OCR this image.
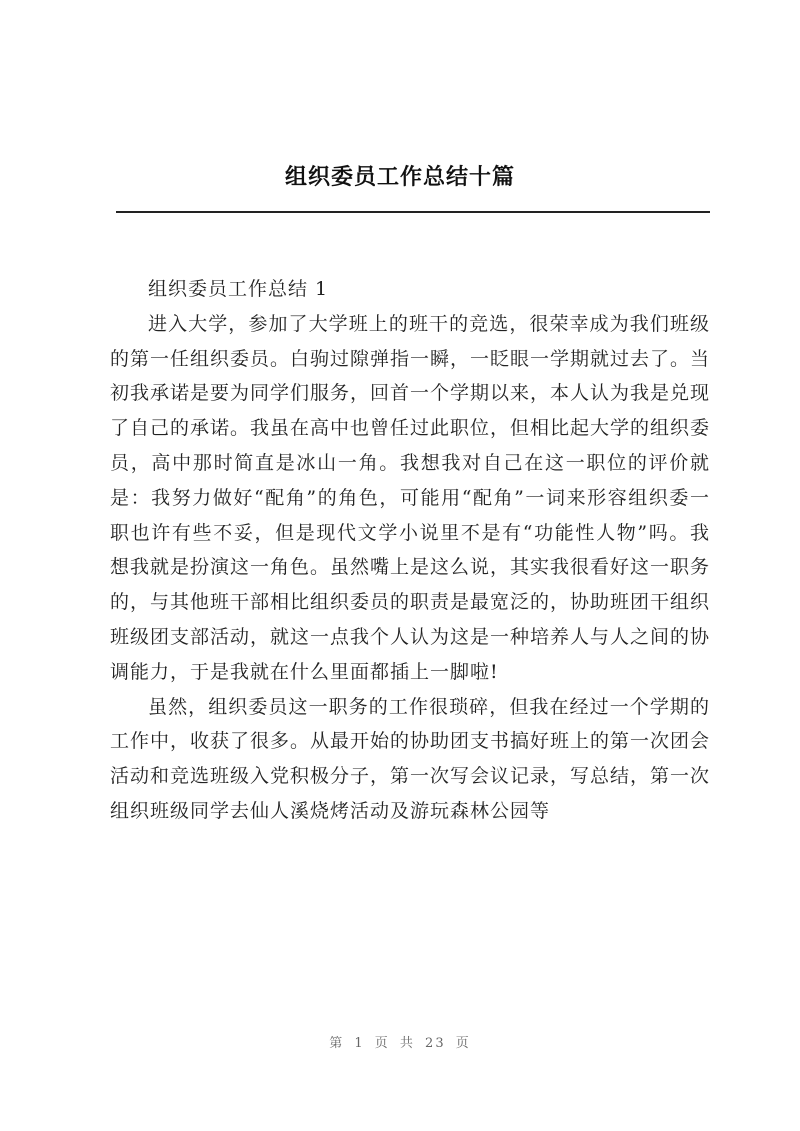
组织委员工作总结十篇

组织委员工作总结 1

进入大学，参加了大学班上的班干的竞选，很荣幸成为我们班级的第一任组织委员。白驹过隙弹指一瞬，一眨眼一学期就过去了。当初我承诺是要为同学们服务，回首一个学期以来，本人认为我是兑现了自己的承诺。我虽在高中也曾任过此职位，但相比起大学的组织委员，高中那时简直是冰山一角。我想我对自己在这一职位的评价就是：我努力做好“配角”的角色，可能用“配角”一词来形容组织委一职也许有些不妥，但是现代文学小说里不是有“功能性人物”吗。我想我就是扮演这一角色。虽然嘴上是这么说，其实我很看好这一职务的，与其他班干部相比组织委员的职责是最宽泛的，协助班团干组织班级团支部活动，就这一点我个人认为这是一种培养人与人之间的协调能力，于是我就在什么里面都插上一脚啦!

虽然，组织委员这一职务的工作很琐碎，但我在经过一个学期的工作中，收获了很多。从最开始的协助团支书搞好班上的第一次团会活动和竞选班级入党积极分子，第一次写会议记录，写总结，第一次组织班级同学去仙人溪烧烤活动及游玩森林公园等

第 1 页 共 23 页
